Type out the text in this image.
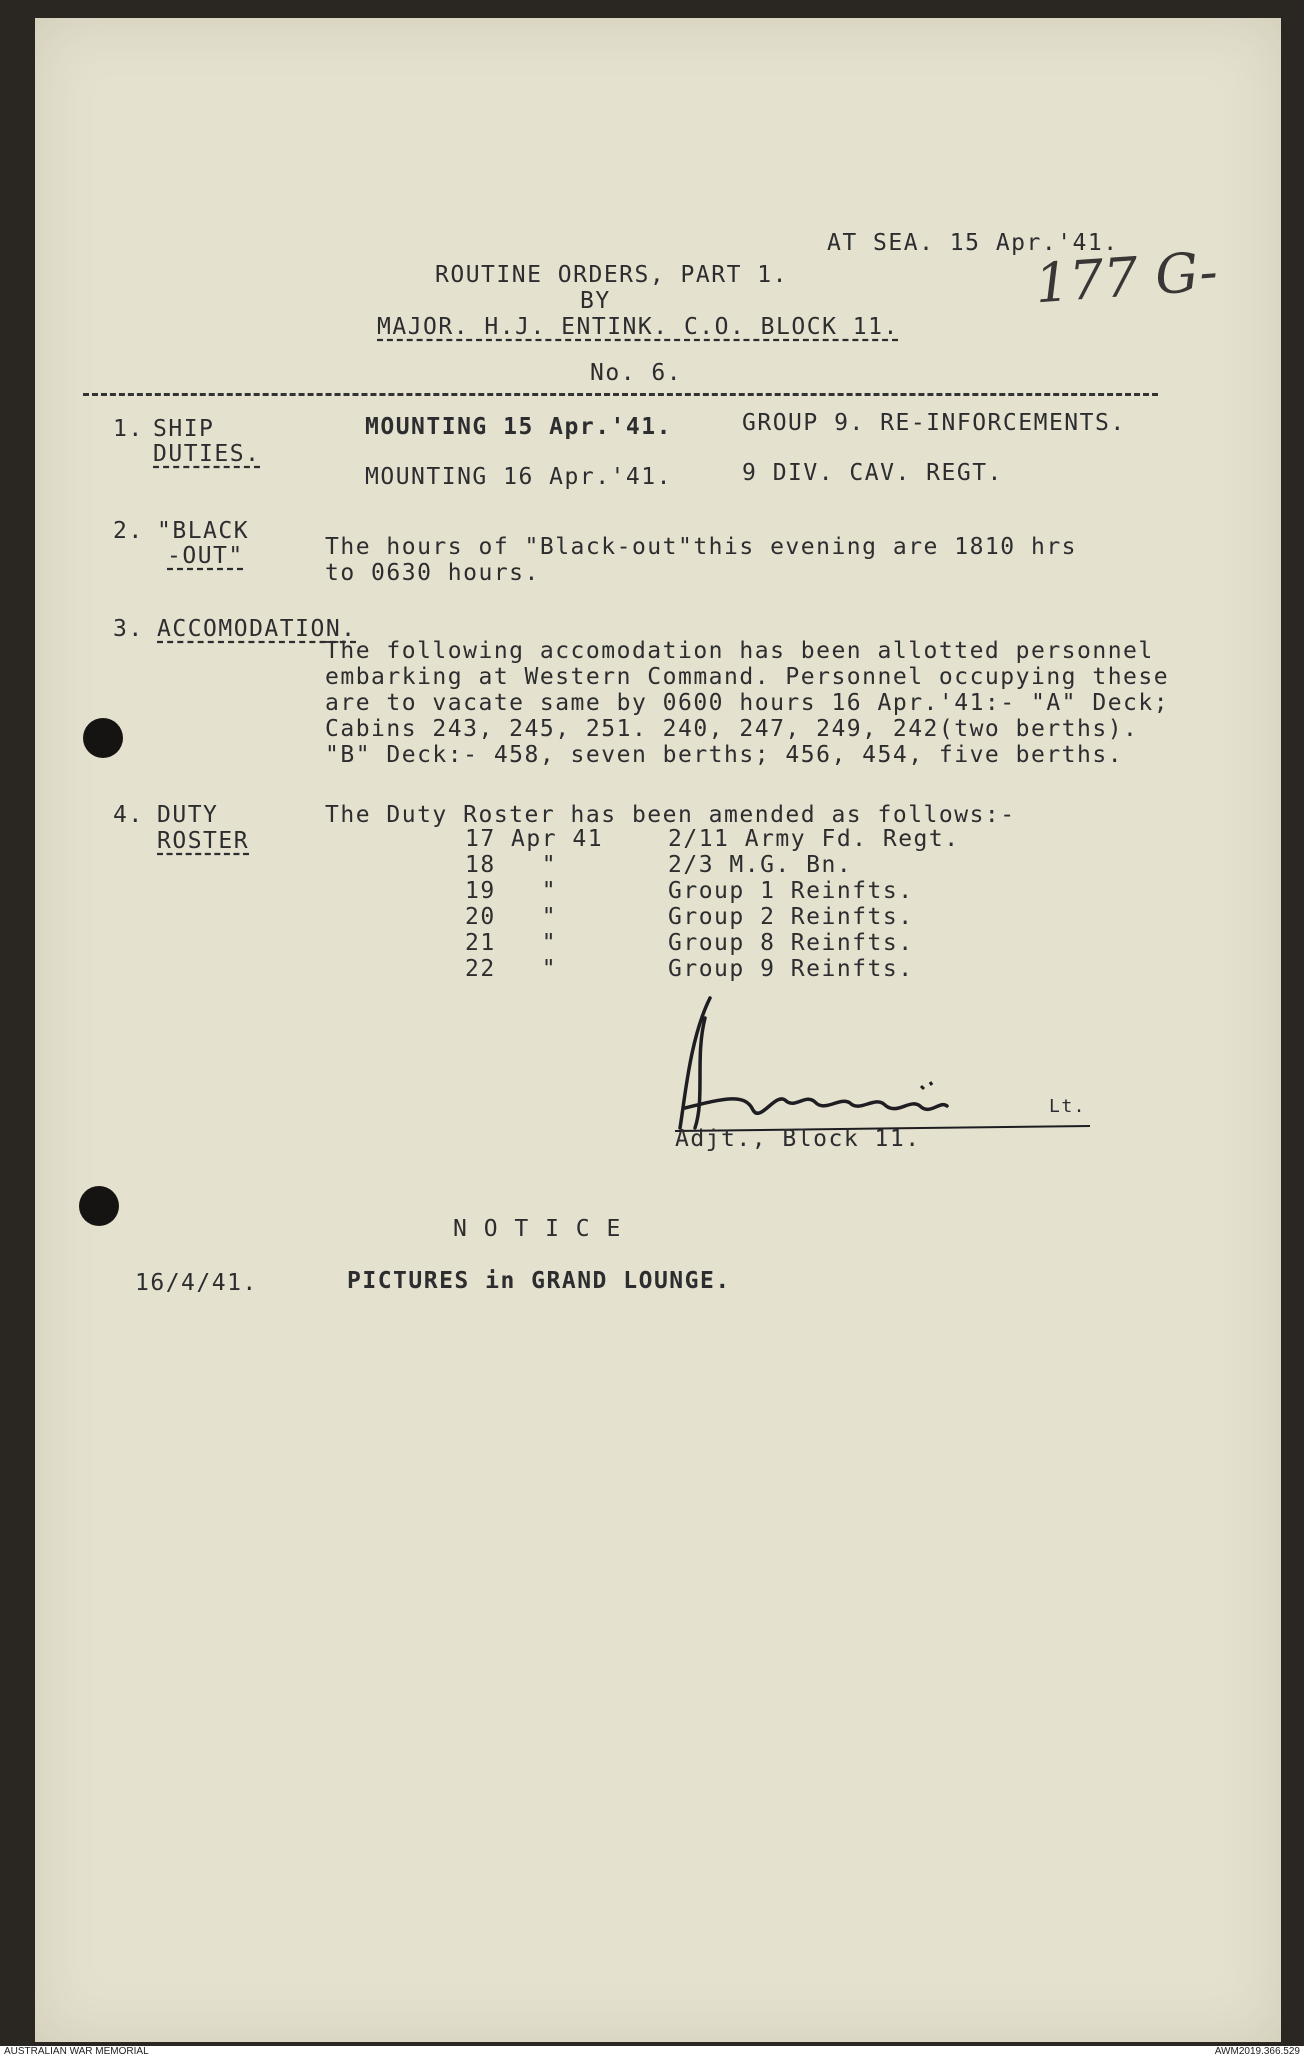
AT SEA. 15 Apr.'41.
177 G-
ROUTINE ORDERS, PART 1.
BY
MAJOR. H.J. ENTINK. C.O. BLOCK 11.
No. 6.
1. SHIP
DUTIES.
MOUNTING 15 Apr.'41.	GROUP 9. RE-INFORCEMENTS.
MOUNTING 16 Apr.'41.	9 DIV. CAV. REGT.
2. "BLACK
-OUT"	The hours of "Black-out"this evening are 1810 hrs
to 0630 hours.
3. ACCOMODATION.
The following accomodation has been allotted personnel
embarking at Western Command. Personnel occupying these
are to vacate same by 0600 hours 16 Apr.'41:- "A" Deck;
Cabins 243, 245, 251. 240, 247, 249, 242(two berths).
"B" Deck:- 458, seven berths; 456, 454, five berths.
4. DUTY
ROSTER
The Duty Roster has been amended as follows:-
17 Apr 41	2/11 Army Fd. Regt.
18   "	2/3 M.G. Bn.
19   "	Group 1 Reinfts.
20   "	Group 2 Reinfts.
21   "	Group 8 Reinfts.
22   "	Group 9 Reinfts.
Lt.
Adjt., Block 11.
N O T I C E
16/4/41.	PICTURES in GRAND LOUNGE.
AUSTRALIAN WAR MEMORIAL	AWM2019.366.529
